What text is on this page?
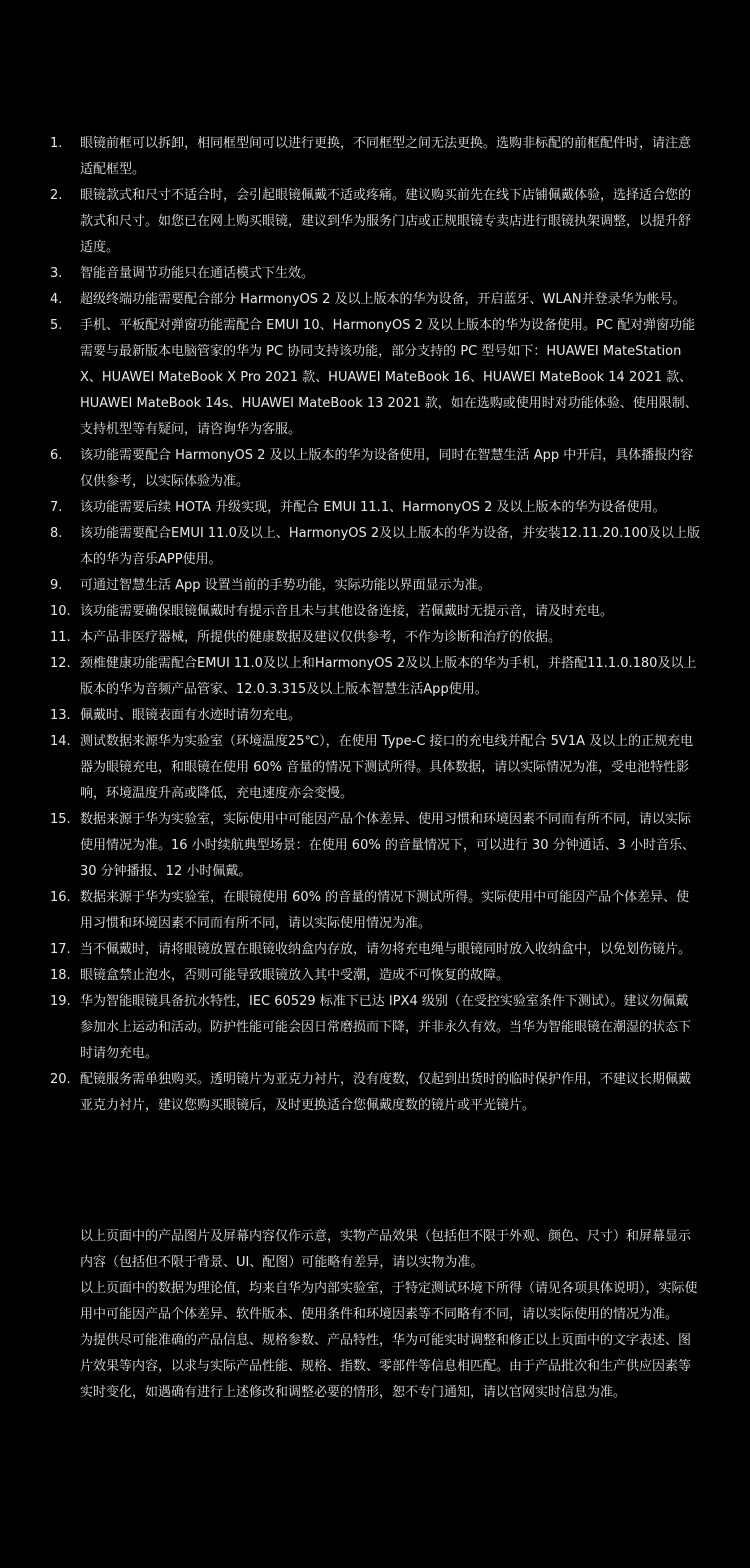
1.	眼镜前框可以拆卸，相同框型间可以进行更换，不同框型之间无法更换。选购非标配的前框配件时，请注意适配框型。
2.	眼镜款式和尺寸不适合时，会引起眼镜佩戴不适或疼痛。建议购买前先在线下店铺佩戴体验，选择适合您的款式和尺寸。如您已在网上购买眼镜，建议到华为服务门店或正规眼镜专卖店进行眼镜执架调整，以提升舒适度。
3.	智能音量调节功能只在通话模式下生效。
4.	超级终端功能需要配合部分 HarmonyOS 2 及以上版本的华为设备，开启蓝牙、WLAN并登录华为帐号。
5.	手机、平板配对弹窗功能需配合 EMUI 10、HarmonyOS 2 及以上版本的华为设备使用。PC 配对弹窗功能需要与最新版本电脑管家的华为 PC 协同支持该功能，部分支持的 PC 型号如下：HUAWEI MateStation X、HUAWEI MateBook X Pro 2021 款、HUAWEI MateBook 16、HUAWEI MateBook 14 2021 款、HUAWEI MateBook 14s、HUAWEI MateBook 13 2021 款，如在选购或使用时对功能体验、使用限制、支持机型等有疑问，请咨询华为客服。
6.	该功能需要配合 HarmonyOS 2 及以上版本的华为设备使用，同时在智慧生活 App 中开启，具体播报内容仅供参考，以实际体验为准。
7.	该功能需要后续 HOTA 升级实现，并配合 EMUI 11.1、HarmonyOS 2 及以上版本的华为设备使用。
8.	该功能需要配合EMUI 11.0及以上、HarmonyOS 2及以上版本的华为设备，并安装12.11.20.100及以上版本的华为音乐APP使用。
9.	可通过智慧生活 App 设置当前的手势功能，实际功能以界面显示为准。
10. 该功能需要确保眼镜佩戴时有提示音且未与其他设备连接，若佩戴时无提示音，请及时充电。
11. 本产品非医疗器械，所提供的健康数据及建议仅供参考，不作为诊断和治疗的依据。
12. 颈椎健康功能需配合EMUI 11.0及以上和HarmonyOS 2及以上版本的华为手机，并搭配11.1.0.180及以上版本的华为音频产品管家、12.0.3.315及以上版本智慧生活App使用。
13. 佩戴时、眼镜表面有水迹时请勿充电。
14. 测试数据来源华为实验室（环境温度25℃），在使用 Type-C 接口的充电线并配合 5V1A 及以上的正规充电器为眼镜充电，和眼镜在使用 60% 音量的情况下测试所得。具体数据，请以实际情况为准，受电池特性影响，环境温度升高或降低，充电速度亦会变慢。
15. 数据来源于华为实验室，实际使用中可能因产品个体差异、使用习惯和环境因素不同而有所不同，请以实际使用情况为准。16 小时续航典型场景：在使用 60% 的音量情况下，可以进行 30 分钟通话、3 小时音乐、30 分钟播报、12 小时佩戴。
16. 数据来源于华为实验室，在眼镜使用 60% 的音量的情况下测试所得。实际使用中可能因产品个体差异、使用习惯和环境因素不同而有所不同，请以实际使用情况为准。
17. 当不佩戴时，请将眼镜放置在眼镜收纳盒内存放，请勿将充电绳与眼镜同时放入收纳盒中，以免划伤镜片。
18. 眼镜盒禁止泡水，否则可能导致眼镜放入其中受潮，造成不可恢复的故障。
19. 华为智能眼镜具备抗水特性，IEC 60529 标准下已达 IPX4 级别（在受控实验室条件下测试）。建议勿佩戴参加水上运动和活动。防护性能可能会因日常磨损而下降，并非永久有效。当华为智能眼镜在潮湿的状态下时请勿充电。
20. 配镜服务需单独购买。透明镜片为亚克力衬片，没有度数，仅起到出货时的临时保护作用，不建议长期佩戴亚克力衬片，建议您购买眼镜后，及时更换适合您佩戴度数的镜片或平光镜片。

以上页面中的产品图片及屏幕内容仅作示意，实物产品效果（包括但不限于外观、颜色、尺寸）和屏幕显示内容（包括但不限于背景、UI、配图）可能略有差异，请以实物为准。

以上页面中的数据为理论值，均来自华为内部实验室，于特定测试环境下所得（请见各项具体说明），实际使用中可能因产品个体差异、软件版本、使用条件和环境因素等不同略有不同，请以实际使用的情况为准。

为提供尽可能准确的产品信息、规格参数、产品特性，华为可能实时调整和修正以上页面中的文字表述、图片效果等内容，以求与实际产品性能、规格、指数、零部件等信息相匹配。由于产品批次和生产供应因素等实时变化，如遇确有进行上述修改和调整必要的情形，恕不专门通知，请以官网实时信息为准。
